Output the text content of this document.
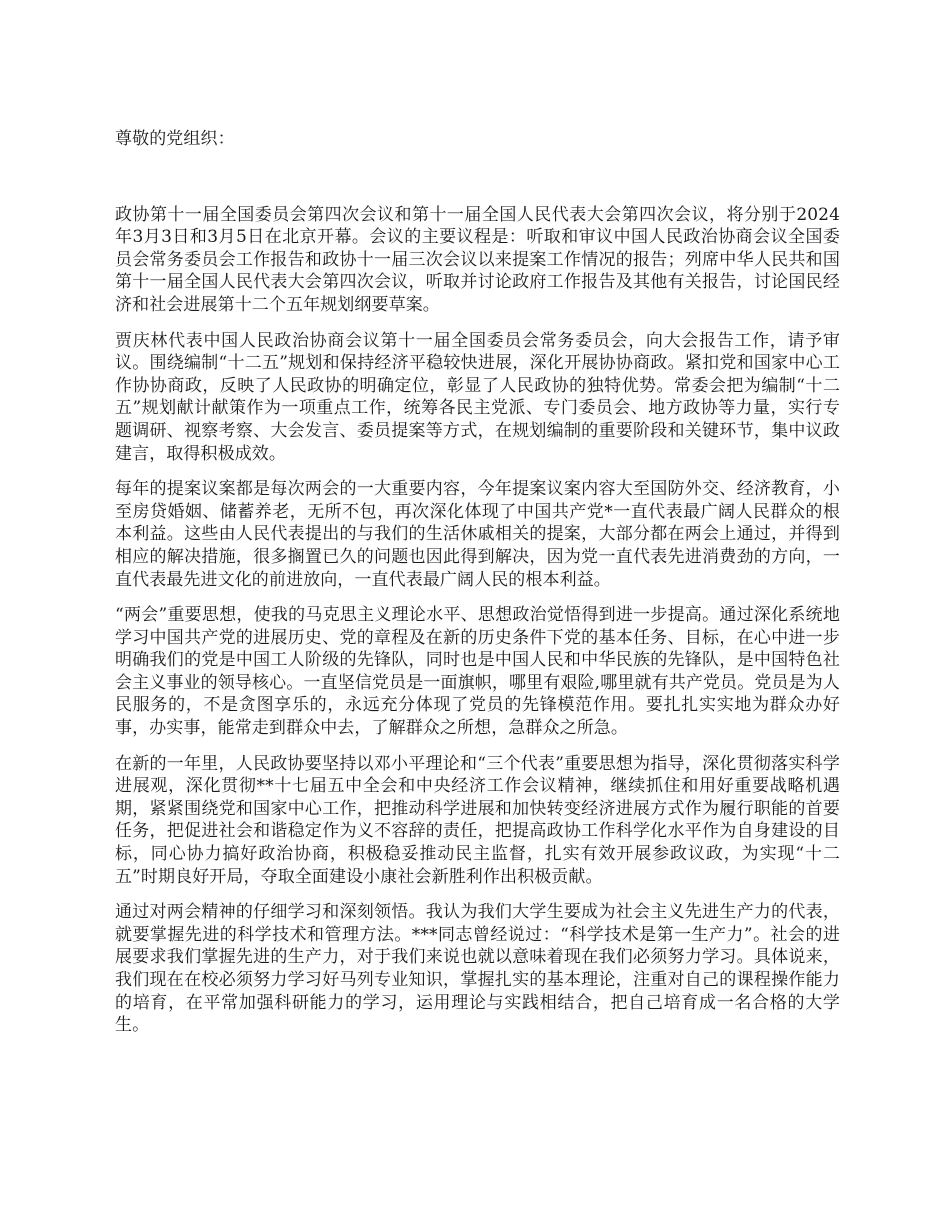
尊敬的党组织：

政协第十一届全国委员会第四次会议和第十一届全国人民代表大会第四次会议，将分别于2024年3月3日和3月5日在北京开幕。会议的主要议程是：听取和审议中国人民政治协商会议全国委员会常务委员会工作报告和政协十一届三次会议以来提案工作情况的报告；列席中华人民共和国第十一届全国人民代表大会第四次会议，听取并讨论政府工作报告及其他有关报告，讨论国民经济和社会进展第十二个五年规划纲要草案。

贾庆林代表中国人民政治协商会议第十一届全国委员会常务委员会，向大会报告工作，请予审议。围绕编制“十二五”规划和保持经济平稳较快进展，深化开展协协商政。紧扣党和国家中心工作协协商政，反映了人民政协的明确定位，彰显了人民政协的独特优势。常委会把为编制“十二五”规划献计献策作为一项重点工作，统筹各民主党派、专门委员会、地方政协等力量，实行专题调研、视察考察、大会发言、委员提案等方式，在规划编制的重要阶段和关键环节，集中议政建言，取得积极成效。

每年的提案议案都是每次两会的一大重要内容，今年提案议案内容大至国防外交、经济教育，小至房贷婚姻、储蓄养老，无所不包，再次深化体现了中国共产党*一直代表最广阔人民群众的根本利益。这些由人民代表提出的与我们的生活休戚相关的提案，大部分都在两会上通过，并得到相应的解决措施，很多搁置已久的问题也因此得到解决，因为党一直代表先进消费劲的方向，一直代表最先进文化的前进放向，一直代表最广阔人民的根本利益。

“两会”重要思想，使我的马克思主义理论水平、思想政治觉悟得到进一步提高。通过深化系统地学习中国共产党的进展历史、党的章程及在新的历史条件下党的基本任务、目标，在心中进一步明确我们的党是中国工人阶级的先锋队，同时也是中国人民和中华民族的先锋队，是中国特色社会主义事业的领导核心。一直坚信党员是一面旗帜，哪里有艰险,哪里就有共产党员。党员是为人民服务的，不是贪图享乐的，永远充分体现了党员的先锋模范作用。要扎扎实实地为群众办好事，办实事，能常走到群众中去，了解群众之所想，急群众之所急。

在新的一年里，人民政协要坚持以邓小平理论和“三个代表”重要思想为指导，深化贯彻落实科学进展观，深化贯彻**十七届五中全会和中央经济工作会议精神，继续抓住和用好重要战略机遇期，紧紧围绕党和国家中心工作，把推动科学进展和加快转变经济进展方式作为履行职能的首要任务，把促进社会和谐稳定作为义不容辞的责任，把提高政协工作科学化水平作为自身建设的目标，同心协力搞好政治协商，积极稳妥推动民主监督，扎实有效开展参政议政，为实现“十二五”时期良好开局，夺取全面建设小康社会新胜利作出积极贡献。

通过对两会精神的仔细学习和深刻领悟。我认为我们大学生要成为社会主义先进生产力的代表，就要掌握先进的科学技术和管理方法。***同志曾经说过：“科学技术是第一生产力”。社会的进展要求我们掌握先进的生产力，对于我们来说也就以意味着现在我们必须努力学习。具体说来，我们现在在校必须努力学习好马列专业知识，掌握扎实的基本理论，注重对自己的课程操作能力的培育，在平常加强科研能力的学习，运用理论与实践相结合，把自己培育成一名合格的大学生。
